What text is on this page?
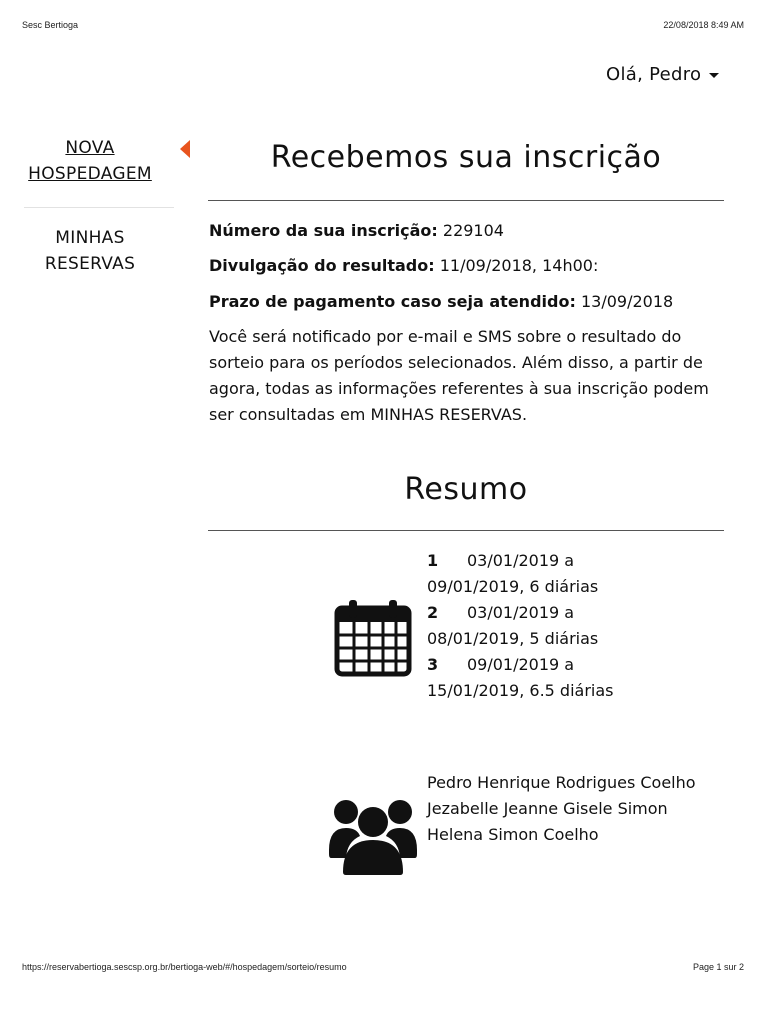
Sesc Bertioga	22/08/2018 8:49 AM
Olá, Pedro
NOVA
HOSPEDAGEM
MINHAS
RESERVAS
Recebemos sua inscrição
Número da sua inscrição: 229104
Divulgação do resultado: 11/09/2018, 14h00:
Prazo de pagamento caso seja atendido: 13/09/2018
Você será notificado por e-mail e SMS sobre o resultado do sorteio para os períodos selecionados. Além disso, a partir de agora, todas as informações referentes à sua inscrição podem ser consultadas em MINHAS RESERVAS.
Resumo
1 03/01/2019 a 09/01/2019, 6 diárias
2 03/01/2019 a 08/01/2019, 5 diárias
3 09/01/2019 a 15/01/2019, 6.5 diárias
Pedro Henrique Rodrigues Coelho
Jezabelle Jeanne Gisele Simon
Helena Simon Coelho
https://reservabertioga.sescsp.org.br/bertioga-web/#/hospedagem/sorteio/resumo	Page 1 sur 2
